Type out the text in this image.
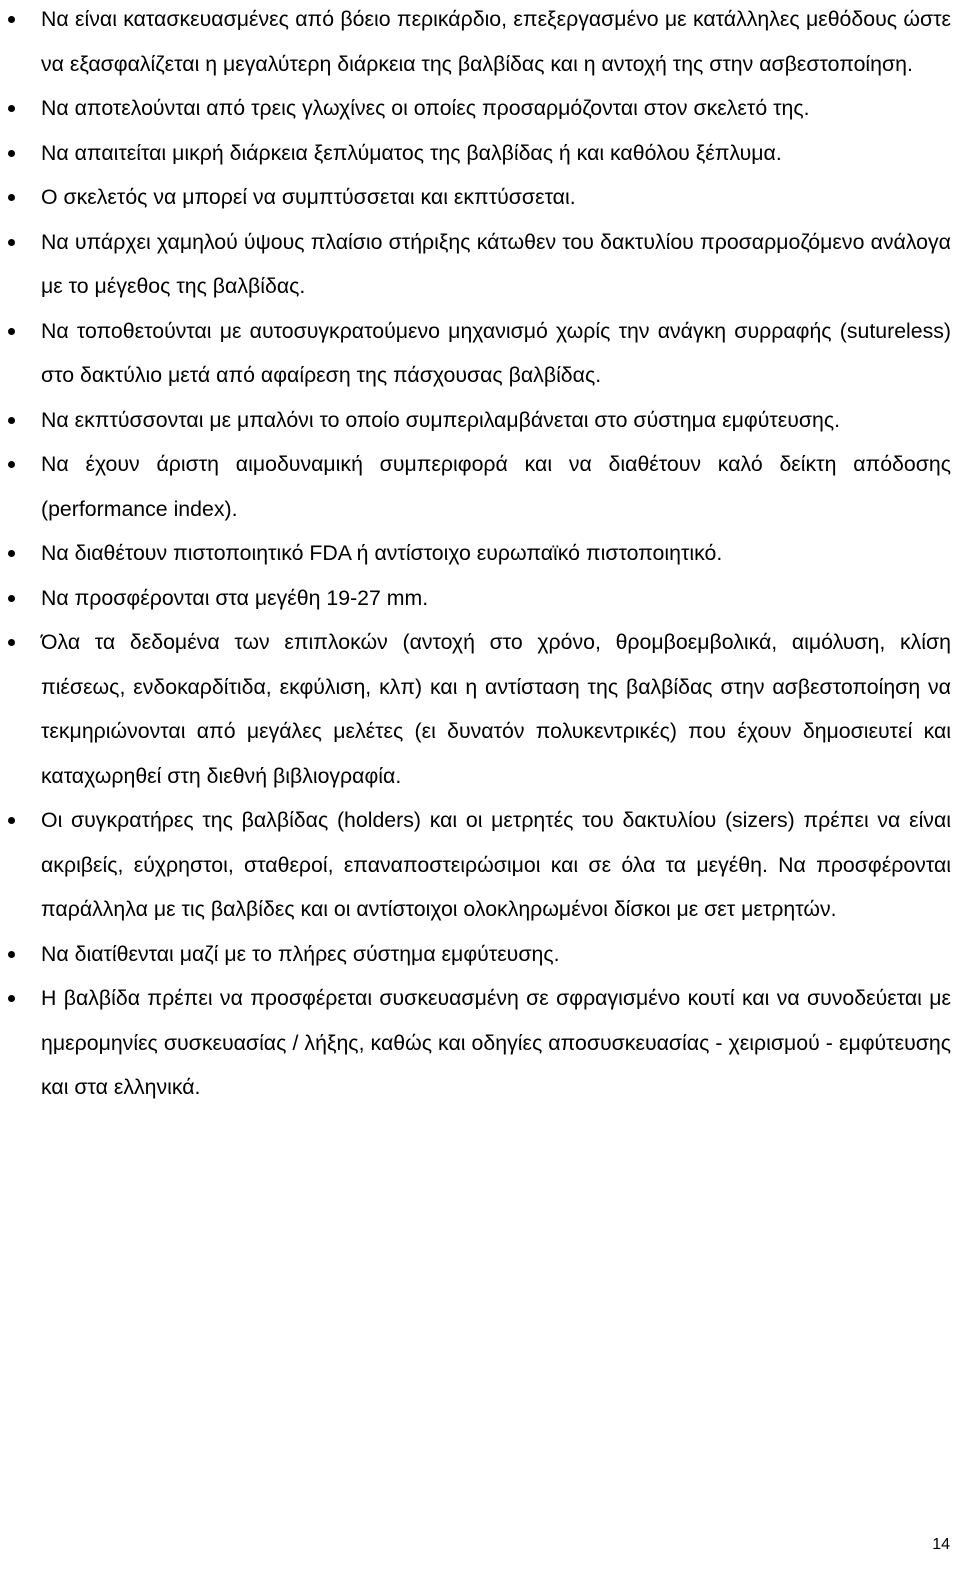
Να είναι κατασκευασμένες από βόειο περικάρδιο, επεξεργασμένο με κατάλληλες μεθόδους ώστε να εξασφαλίζεται η μεγαλύτερη διάρκεια της βαλβίδας και η αντοχή της στην ασβεστοποίηση.
Να αποτελούνται από τρεις γλωχίνες οι οποίες προσαρμόζονται στον σκελετό της.
Να απαιτείται μικρή διάρκεια ξεπλύματος της βαλβίδας ή και καθόλου ξέπλυμα.
Ο σκελετός να μπορεί να συμπτύσσεται και εκπτύσσεται.
Να υπάρχει χαμηλού ύψους πλαίσιο στήριξης κάτωθεν του δακτυλίου προσαρμοζόμενο ανάλογα με το μέγεθος της βαλβίδας.
Να τοποθετούνται με αυτοσυγκρατούμενο μηχανισμό χωρίς την ανάγκη συρραφής (sutureless) στο δακτύλιο μετά από αφαίρεση της πάσχουσας βαλβίδας.
Να εκπτύσσονται με μπαλόνι το οποίο συμπεριλαμβάνεται στο σύστημα εμφύτευσης.
Να έχουν άριστη αιμοδυναμική συμπεριφορά και να διαθέτουν καλό δείκτη απόδοσης (performance index).
Να διαθέτουν πιστοποιητικό FDA ή αντίστοιχο ευρωπαϊκό πιστοποιητικό.
Να προσφέρονται στα μεγέθη 19-27 mm.
Όλα τα δεδομένα των επιπλοκών (αντοχή στο χρόνο, θρομβοεμβολικά, αιμόλυση, κλίση πιέσεως, ενδοκαρδίτιδα, εκφύλιση, κλπ) και η αντίσταση της βαλβίδας στην ασβεστοποίηση να τεκμηριώνονται από μεγάλες μελέτες (ει δυνατόν πολυκεντρικές) που έχουν δημοσιευτεί και καταχωρηθεί στη διεθνή βιβλιογραφία.
Οι συγκρατήρες της βαλβίδας (holders) και οι μετρητές του δακτυλίου (sizers) πρέπει να είναι ακριβείς, εύχρηστοι, σταθεροί, επαναποστειρώσιμοι και σε όλα τα μεγέθη. Να προσφέρονται παράλληλα με τις βαλβίδες και οι αντίστοιχοι ολοκληρωμένοι δίσκοι με σετ μετρητών.
Να διατίθενται μαζί με το πλήρες σύστημα εμφύτευσης.
Η βαλβίδα πρέπει να προσφέρεται συσκευασμένη σε σφραγισμένο κουτί και να συνοδεύεται με ημερομηνίες συσκευασίας / λήξης, καθώς και οδηγίες αποσυσκευασίας - χειρισμού - εμφύτευσης και στα ελληνικά.
14
